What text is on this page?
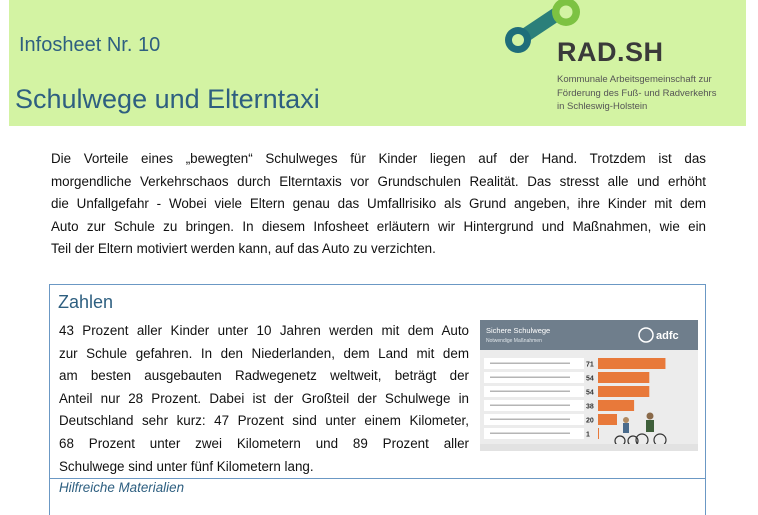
Infosheet Nr. 10
Schulwege und Elterntaxi
RAD.SH
Kommunale Arbeitsgemeinschaft zur
Förderung des Fuß- und Radverkehrs
in Schleswig-Holstein
Die Vorteile eines „bewegten“ Schulweges für Kinder liegen auf der Hand. Trotzdem ist das
morgendliche Verkehrschaos durch Elterntaxis vor Grundschulen Realität. Das stresst alle und erhöht
die Unfallgefahr - Wobei viele Eltern genau das Umfallrisiko als Grund angeben, ihre Kinder mit dem
Auto zur Schule zu bringen. In diesem Infosheet erläutern wir Hintergrund und Maßnahmen, wie ein
Teil der Eltern motiviert werden kann, auf das Auto zu verzichten.
Zahlen
43 Prozent aller Kinder unter 10 Jahren werden mit dem Auto
zur Schule gefahren. In den Niederlanden, dem Land mit dem
am besten ausgebauten Radwegenetz weltweit, beträgt der
Anteil nur 28 Prozent. Dabei ist der Großteil der Schulwege in
Deutschland sehr kurz: 47 Prozent sind unter einem Kilometer,
68 Prozent unter zwei Kilometern und 89 Prozent aller
Schulwege sind unter fünf Kilometern lang.
Hilfreiche Materialien
Sichere Schulwege
Notwendige Maßnahmen	adfc
71
54
54
38
20
1
